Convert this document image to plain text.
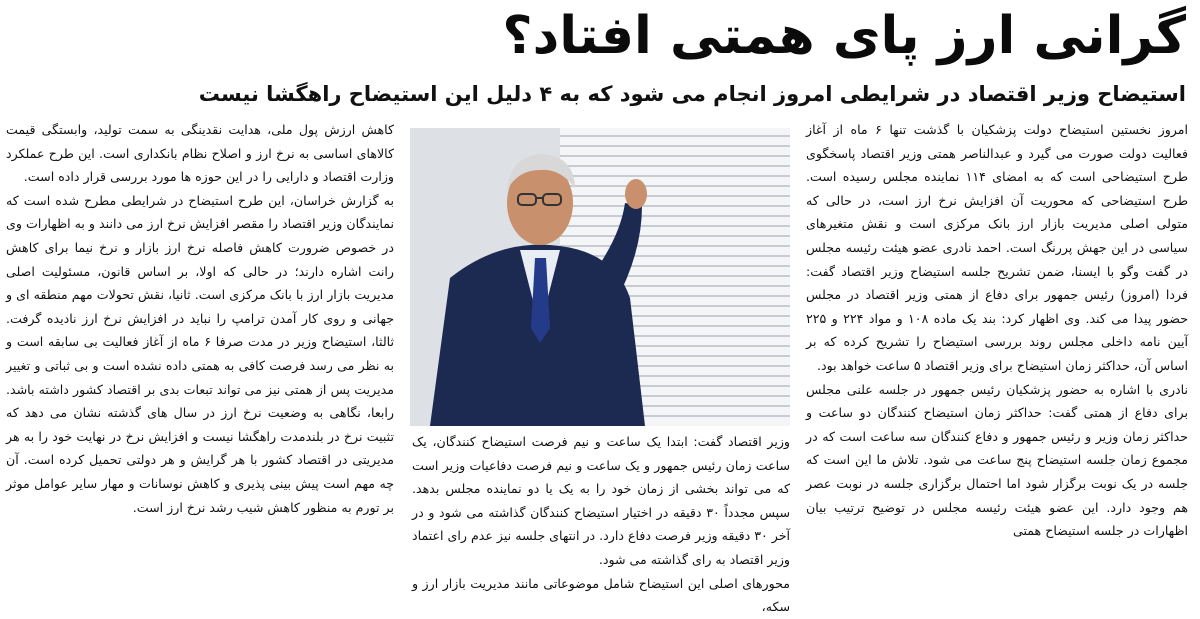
گرانی ارز پای همتی افتاد؟
استیضاح وزیر اقتصاد در شرایطی امروز انجام می شود که به ۴ دلیل این استیضاح راهگشا نیست

امروز نخستین استیضاح دولت پزشکیان با گذشت تنها ۶ ماه از آغاز فعالیت دولت صورت می گیرد و عبدالناصر همتی وزیر اقتصاد پاسخگوی طرح استیضاحی است که به امضای ۱۱۴ نماینده مجلس رسیده است. طرح استیضاحی که محوریت آن افزایش نرخ ارز است، در حالی که متولی اصلی مدیریت بازار ارز بانک مرکزی است و نقش متغیرهای سیاسی در این جهش پررنگ است. احمد نادری عضو هیئت رئیسه مجلس در گفت وگو با ایسنا، ضمن تشریح جلسه استیضاح وزیر اقتصاد گفت: فردا (امروز) رئیس جمهور برای دفاع از همتی وزیر اقتصاد در مجلس حضور پیدا می کند. وی اظهار کرد: بند یک ماده ۱۰۸ و مواد ۲۲۴ و ۲۲۵ آیین نامه داخلی مجلس روند بررسی استیضاح را تشریح کرده که بر اساس آن، حداکثر زمان استیضاح برای وزیر اقتصاد ۵ ساعت خواهد بود.

نادری با اشاره به حضور پزشکیان رئیس جمهور در جلسه علنی مجلس برای دفاع از همتی گفت: حداکثر زمان استیضاح کنندگان دو ساعت و حداکثر زمان وزیر و رئیس جمهور و دفاع کنندگان سه ساعت است که در مجموع زمان جلسه استیضاح پنج ساعت می شود. تلاش ما این است که جلسه در یک نوبت برگزار شود اما احتمال برگزاری جلسه در نوبت عصر هم وجود دارد. این عضو هیئت رئیسه مجلس در توضیح ترتیب بیان اظهارات در جلسه استیضاح همتی

وزیر اقتصاد گفت: ابتدا یک ساعت و نیم فرصت استیضاح کنندگان، یک ساعت زمان رئیس جمهور و یک ساعت و نیم فرصت دفاعیات وزیر است که می تواند بخشی از زمان خود را به یک یا دو نماینده مجلس بدهد. سپس مجدداً ۳۰ دقیقه در اختیار استیضاح کنندگان گذاشته می شود و در آخر ۳۰ دقیقه وزیر فرصت دفاع دارد. در انتهای جلسه نیز عدم رای اعتماد وزیر اقتصاد به رای گذاشته می شود.

محورهای اصلی این استیضاح شامل موضوعاتی مانند مدیریت بازار ارز و سکه،

کاهش ارزش پول ملی، هدایت نقدینگی به سمت تولید، وابستگی قیمت کالاهای اساسی به نرخ ارز و اصلاح نظام بانکداری است. این طرح عملکرد وزارت اقتصاد و دارایی را در این حوزه ها مورد بررسی قرار داده است.

به گزارش خراسان، این طرح استیضاح در شرایطی مطرح شده است که نمایندگان وزیر اقتصاد را مقصر افزایش نرخ ارز می دانند و به اظهارات وی در خصوص ضرورت کاهش فاصله نرخ ارز بازار و نرخ نیما برای کاهش رانت اشاره دارند؛ در حالی که اولا، بر اساس قانون، مسئولیت اصلی مدیریت بازار ارز با بانک مرکزی است. ثانیا، نقش تحولات مهم منطقه ای و جهانی و روی کار آمدن ترامپ را نباید در افزایش نرخ ارز نادیده گرفت. ثالثا، استیضاح وزیر در مدت صرفا ۶ ماه از آغاز فعالیت بی سابقه است و به نظر می رسد فرصت کافی به همتی داده نشده است و بی ثباتی و تغییر مدیریت پس از همتی نیز می تواند تبعات بدی بر اقتصاد کشور داشته باشد. رابعا، نگاهی به وضعیت نرخ ارز در سال های گذشته نشان می دهد که تثبیت نرخ در بلندمدت راهگشا نیست و افزایش نرخ در نهایت خود را به هر مدیریتی در اقتصاد کشور با هر گرایش و هر دولتی تحمیل کرده است. آن چه مهم است پیش بینی پذیری و کاهش نوسانات و مهار سایر عوامل موثر بر تورم به منظور کاهش شیب رشد نرخ ارز است.
